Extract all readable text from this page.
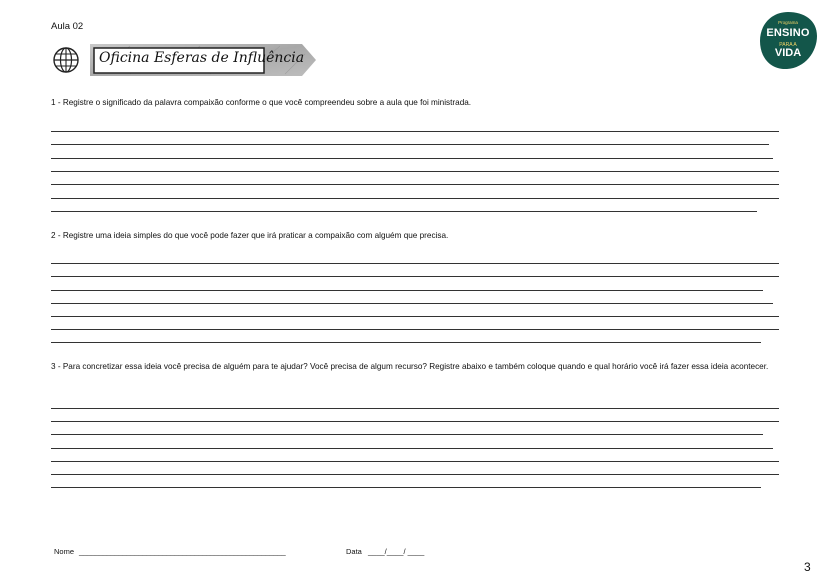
Aula 02
Oficina Esferas de Influência
Programa
ENSINO
PARA A
VIDA
1 - Registre o significado da palavra compaixão conforme o que você compreendeu sobre a aula que foi ministrada.
2 - Registre uma ideia simples do que você pode fazer que irá praticar a compaixão com alguém que precisa.
3 - Para concretizar essa ideia você precisa de alguém para te ajudar? Você precisa de algum recurso? Registre abaixo e também coloque quando e qual horário você irá fazer essa ideia acontecer.
Nome ____________________________________________________	Data ____/____/ ____
3
